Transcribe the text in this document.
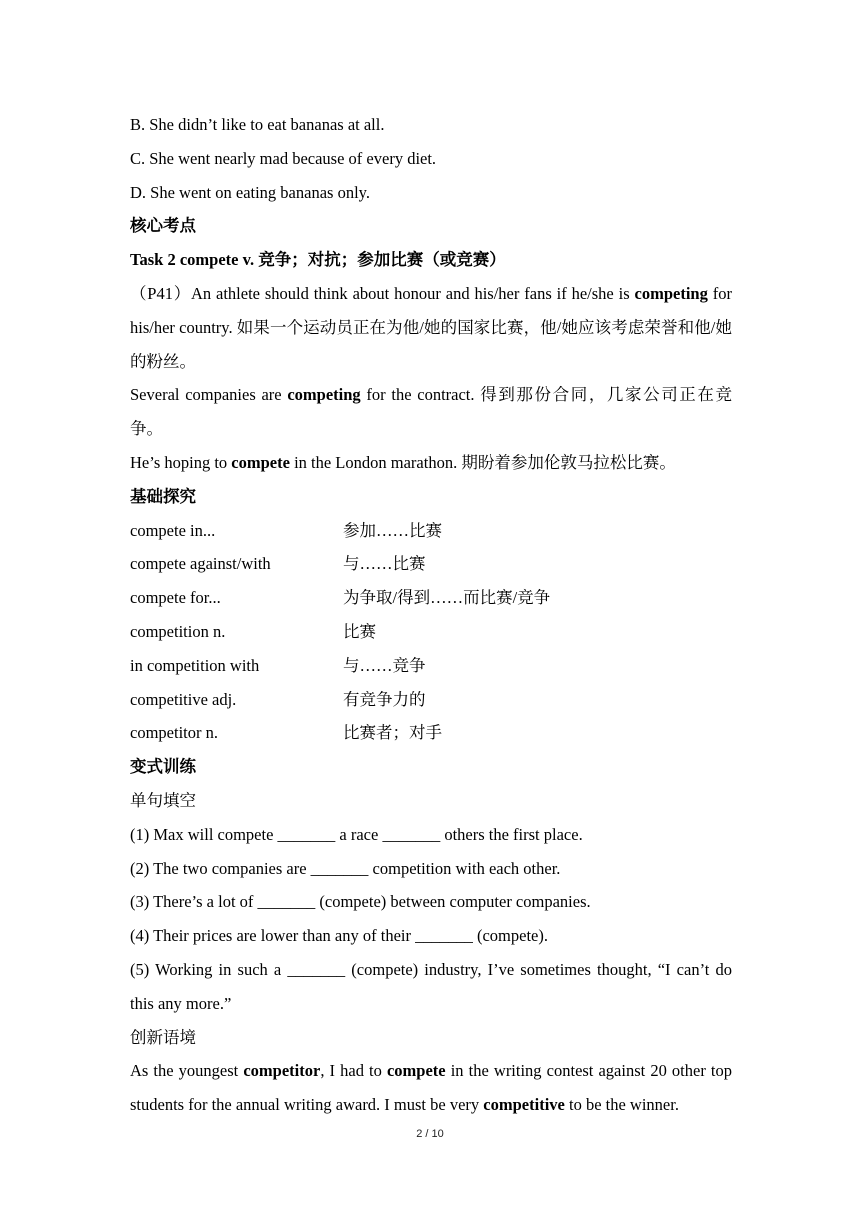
B. She didn’t like to eat bananas at all.
C. She went nearly mad because of every diet.
D. She went on eating bananas only.
核心考点
Task 2 compete v. 竞争；对抗；参加比赛（或竞赛）
（P41）An athlete should think about honour and his/her fans if he/she is competing for his/her country. 如果一个运动员正在为他/她的国家比赛，他/她应该考虑荣誉和他/她的粉丝。
Several companies are competing for the contract. 得到那份合同，几家公司正在竞争。
He’s hoping to compete in the London marathon. 期盼着参加伦敦马拉松比赛。
基础探究
compete in...	参加……比赛
compete against/with	与……比赛
compete for...	为争取/得到……而比赛/竞争
competition n.	比赛
in competition with	与……竞争
competitive adj.	有竞争力的
competitor n.	比赛者；对手
变式训练
单句填空
(1) Max will compete _______ a race _______ others the first place.
(2) The two companies are _______ competition with each other.
(3) There’s a lot of _______ (compete) between computer companies.
(4) Their prices are lower than any of their _______ (compete).
(5) Working in such a _______ (compete) industry, I’ve sometimes thought, “I can’t do this any more.”
创新语境
As the youngest competitor, I had to compete in the writing contest against 20 other top students for the annual writing award. I must be very competitive to be the winner.
2 / 10
